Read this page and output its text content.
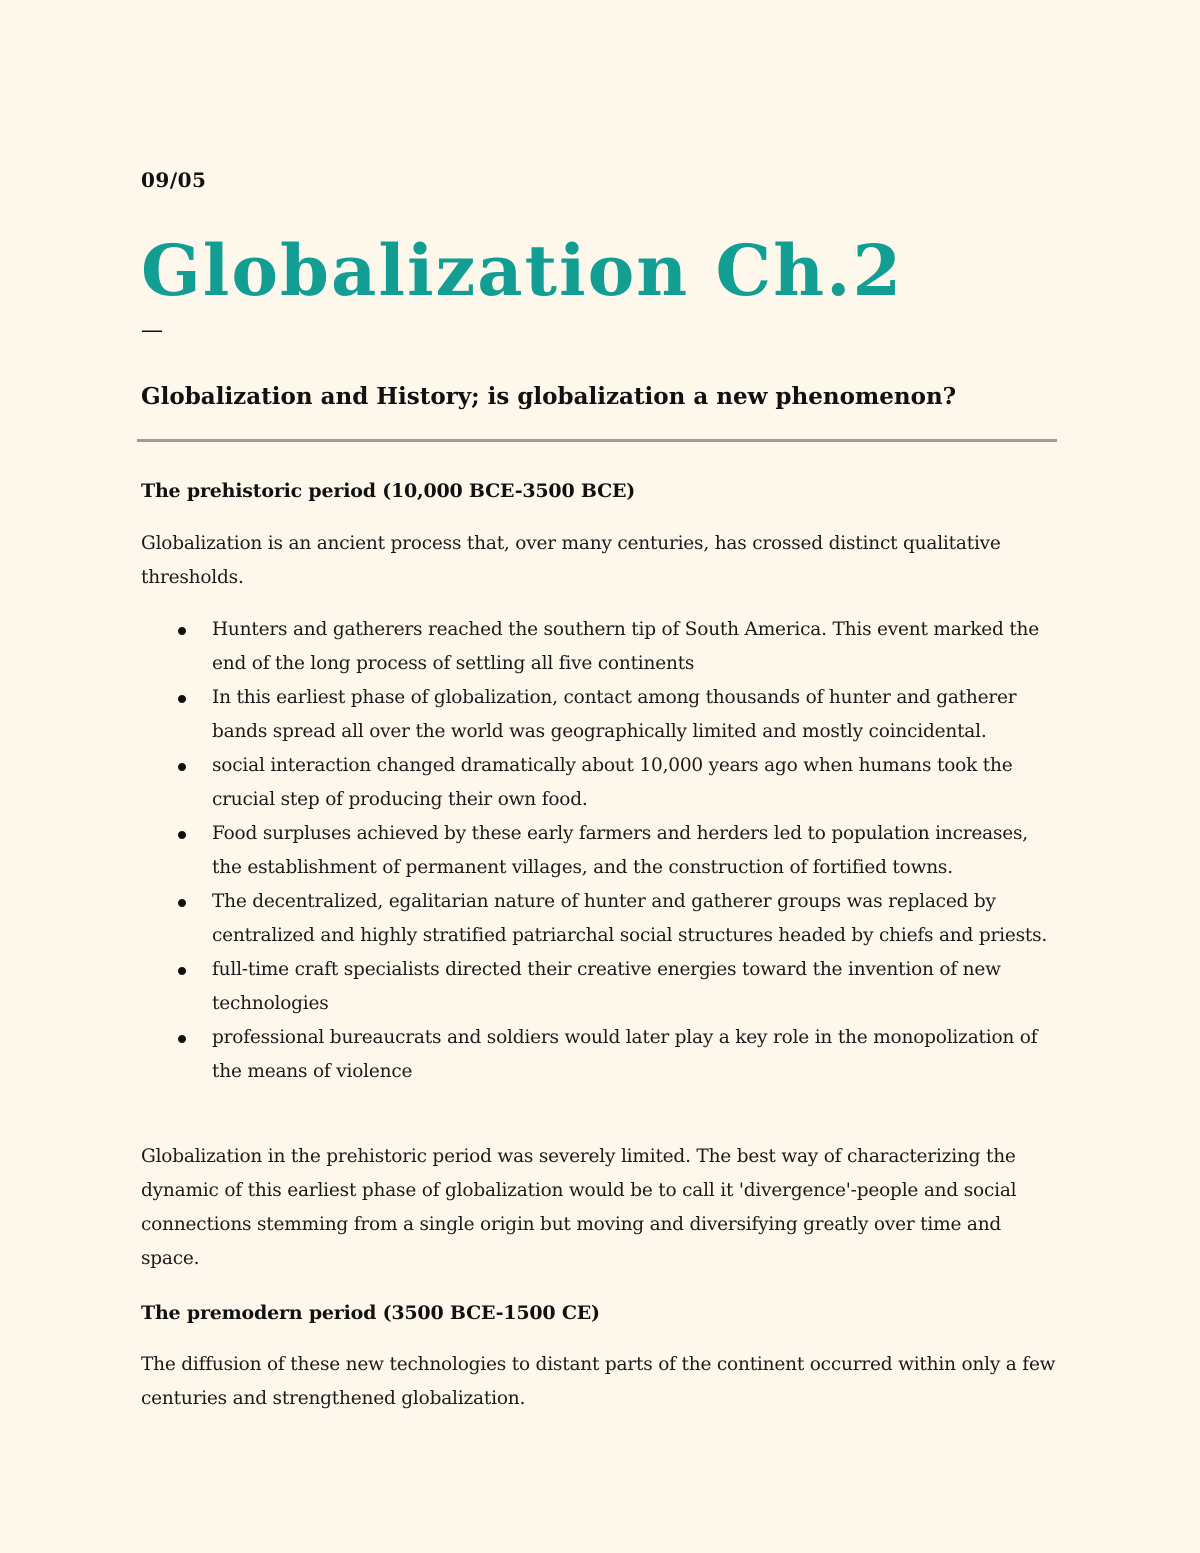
09/05
Globalization Ch.2
—
Globalization and History; is globalization a new phenomenon?
The prehistoric period (10,000 BCE-3500 BCE)
Globalization is an ancient process that, over many centuries, has crossed distinct qualitative thresholds.
Hunters and gatherers reached the southern tip of South America. This event marked the end of the long process of settling all five continents
In this earliest phase of globalization, contact among thousands of hunter and gatherer bands spread all over the world was geographically limited and mostly coincidental.
social interaction changed dramatically about 10,000 years ago when humans took the crucial step of producing their own food.
Food surpluses achieved by these early farmers and herders led to population increases, the establishment of permanent villages, and the construction of fortified towns.
The decentralized, egalitarian nature of hunter and gatherer groups was replaced by centralized and highly stratified patriarchal social structures headed by chiefs and priests.
full-time craft specialists directed their creative energies toward the invention of new technologies
professional bureaucrats and soldiers would later play a key role in the monopolization of the means of violence
Globalization in the prehistoric period was severely limited. The best way of characterizing the dynamic of this earliest phase of globalization would be to call it 'divergence'-people and social connections stemming from a single origin but moving and diversifying greatly over time and space.
The premodern period (3500 BCE-1500 CE)
The diffusion of these new technologies to distant parts of the continent occurred within only a few centuries and strengthened globalization.
